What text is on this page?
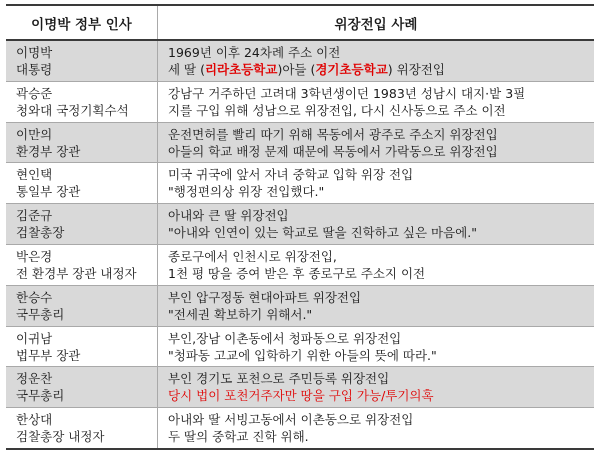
이명박 정부 인사	위장전입 사례
이명박
대통령
1969년 이후 24차례 주소 이전
세 딸 (리라초등학교)아들 (경기초등학교) 위장전입
곽승준
청와대 국정기획수석
강남구 거주하던 고려대 3학년생이던 1983년 성남시 대지·밭 3필
지를 구입 위해 성남으로 위장전입, 다시 신사동으로 주소 이전
이만의
환경부 장관
운전면허를 빨리 따기 위해 목동에서 광주로 주소지 위장전입
아들의 학교 배정 문제 때문에 목동에서 가락동으로 위장전입
현인택
통일부 장관
미국 귀국에 앞서 자녀 중학교 입학 위장 전입
"행정편의상 위장 전입했다."
김준규
검찰총장
아내와 큰 딸 위장전입
"아내와 인연이 있는 학교로 딸을 진학하고 싶은 마음에."
박은경
전 환경부 장관 내정자
종로구에서 인천시로 위장전입,
1천 평 땅을 증여 받은 후 종로구로 주소지 이전
한승수
국무총리
부인 압구정동 현대아파트 위장전입
"전세권 확보하기 위해서."
이귀남
법무부 장관
부인,장남 이촌동에서 청파동으로 위장전입
"청파동 고교에 입학하기 위한 아들의 뜻에 따라."
정운찬
국무총리
부인 경기도 포천으로 주민등록 위장전입
당시 법이 포천거주자만 땅을 구입 가능/투기의혹
한상대
검찰총장 내정자
아내와 딸 서빙고동에서 이촌동으로 위장전입
두 딸의 중학교 진학 위해.
